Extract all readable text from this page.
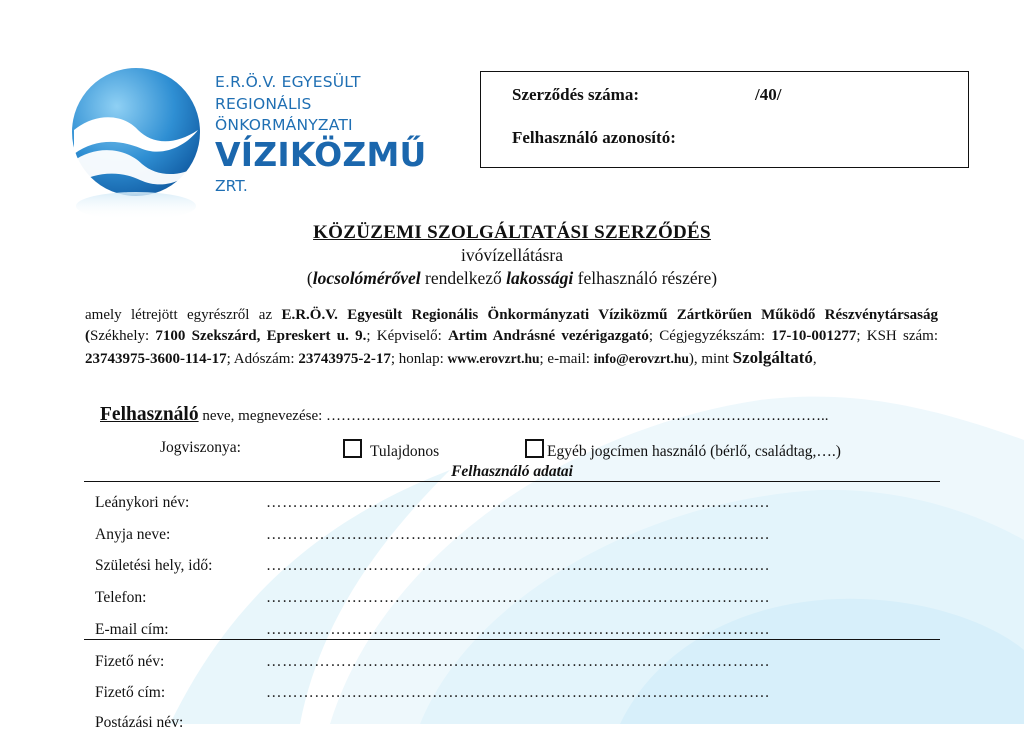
E.R.Ö.V. EGYESÜLT
REGIONÁLIS
ÖNKORMÁNYZATI
VÍZIKÖZMŰ
ZRT.
Szerződés száma:	/40/
Felhasználó azonosító:
KÖZÜZEMI SZOLGÁLTATÁSI SZERZŐDÉS
ivóvízellátásra
(locsolómérővel rendelkező lakossági felhasználó részére)
amely létrejött egyrészről az E.R.Ö.V. Egyesült Regionális Önkormányzati Víziközmű Zártkörűen Működő Részvénytársaság (Székhely: 7100 Szekszárd, Epreskert u. 9.; Képviselő: Artim Andrásné vezérigazgató; Cégjegyzékszám: 17-10-001277; KSH szám: 23743975-3600-114-17; Adószám: 23743975-2-17; honlap: www.erovzrt.hu; e-mail: info@erovzrt.hu), mint Szolgáltató,
Felhasználó neve, megnevezése: ………………………………………………………………………………………..
Jogviszonya:	Tulajdonos	Egyéb jogcímen használó (bérlő, családtag,….)
Felhasználó adatai
Leánykori név:	………………………………………………………………………………….
Anyja neve:	………………………………………………………………………………….
Születési hely, idő:	………………………………………………………………………………….
Telefon:	………………………………………………………………………………….
E-mail cím:	………………………………………………………………………………….
Fizető név:	………………………………………………………………………………….
Fizető cím:	………………………………………………………………………………….
Postázási név:
